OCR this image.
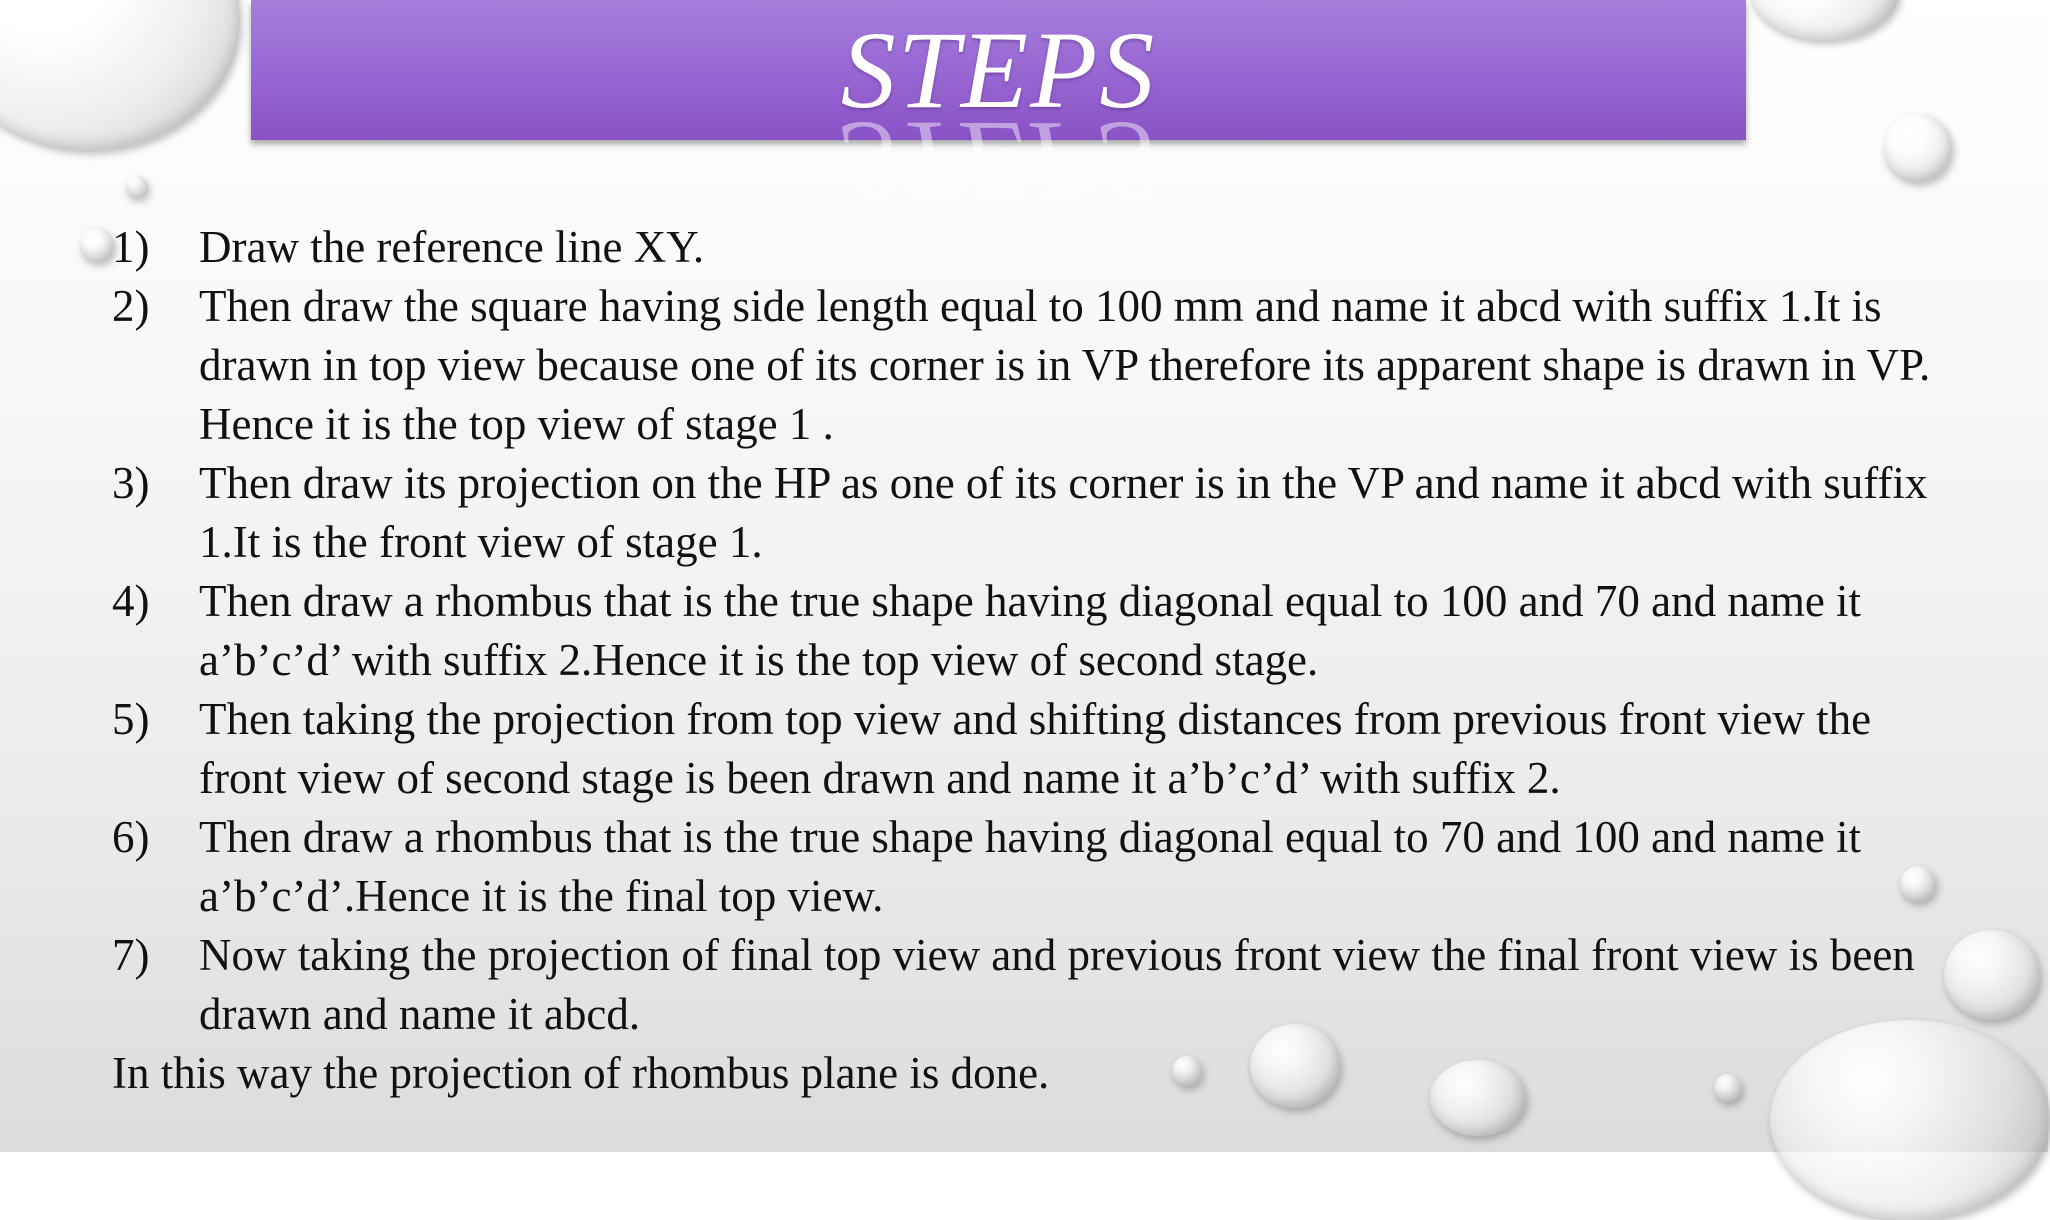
STEPS
STEPS
1)	Draw the reference line XY.
2)	Then draw the square having side length equal to 100 mm and name it abcd with suffix 1.It is drawn in top view because one of its corner is in VP therefore its apparent shape is drawn in VP. Hence it is the top view of stage 1 .
3)	Then draw its projection on the HP as one of its corner is in the VP and name it abcd with suffix 1.It is the front view of stage 1.
4)	Then draw a rhombus that is the true shape having diagonal equal to 100 and 70 and name it a’b’c’d’ with suffix 2.Hence it is the top view of second stage.
5)	Then taking the projection from top view and shifting distances from previous front view the front view of second stage is been drawn and name it a’b’c’d’ with suffix 2.
6)	Then draw a rhombus that is the true shape having diagonal equal to 70 and 100 and name it a’b’c’d’.Hence it is the final top view.
7)	Now taking the projection of final top view and previous front view the final front view is been drawn and name it abcd.
In this way the projection of rhombus plane is done.
